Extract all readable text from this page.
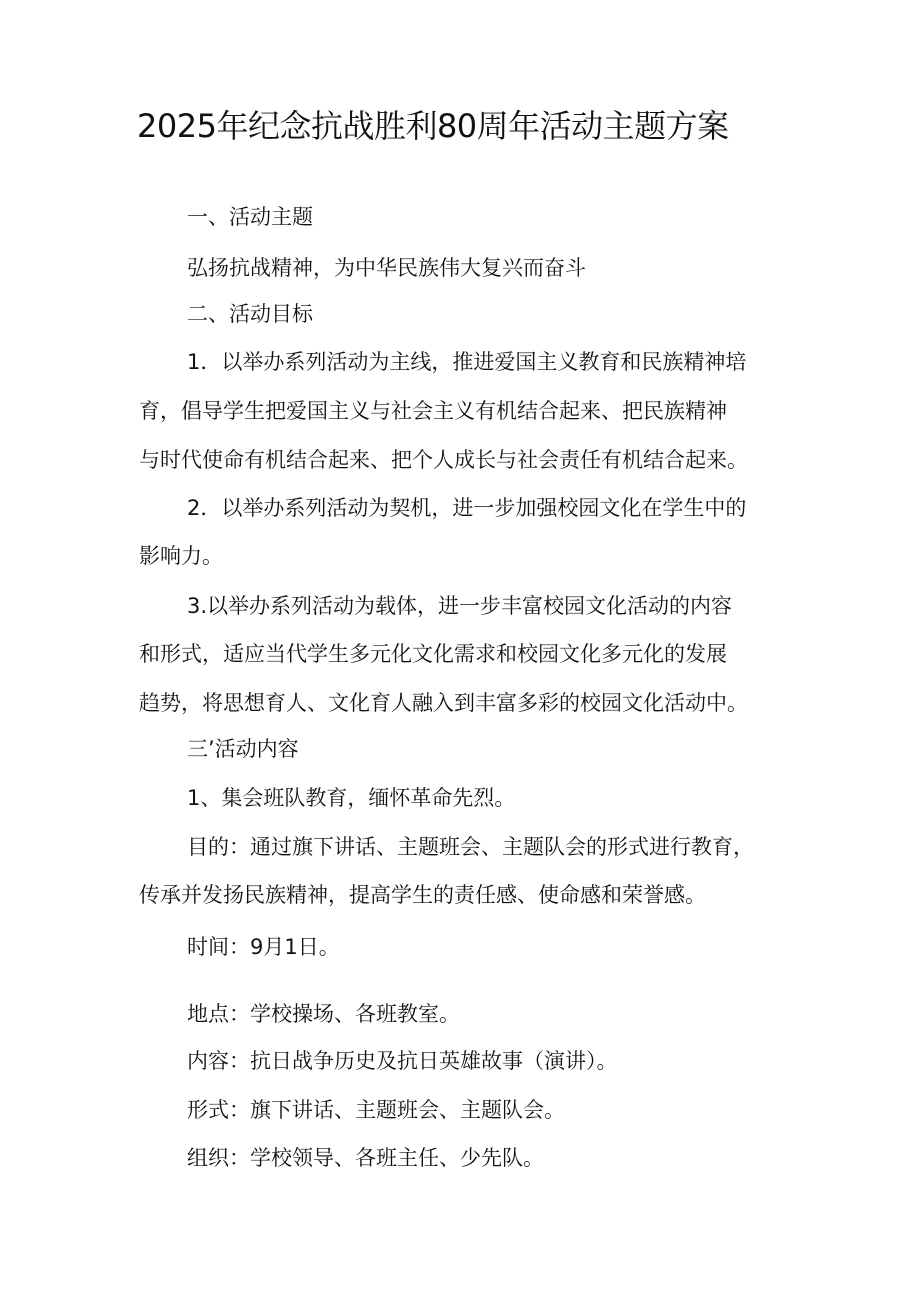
2025年纪念抗战胜利80周年活动主题方案
一、活动主题
弘扬抗战精神，为中华民族伟大复兴而奋斗
二、活动目标
1．以举办系列活动为主线，推进爱国主义教育和民族精神培
育，倡导学生把爱国主义与社会主义有机结合起来、把民族精神
与时代使命有机结合起来、把个人成长与社会责任有机结合起来。
2．以举办系列活动为契机，进一步加强校园文化在学生中的
影响力。
3.以举办系列活动为载体，进一步丰富校园文化活动的内容
和形式，适应当代学生多元化文化需求和校园文化多元化的发展
趋势，将思想育人、文化育人融入到丰富多彩的校园文化活动中。
三’活动内容
1、集会班队教育，缅怀革命先烈。
目的：通过旗下讲话、主题班会、主题队会的形式进行教育，
传承并发扬民族精神，提高学生的责任感、使命感和荣誉感。
时间：9月1日。
地点：学校操场、各班教室。
内容：抗日战争历史及抗日英雄故事（演讲）。
形式：旗下讲话、主题班会、主题队会。
组织：学校领导、各班主任、少先队。
